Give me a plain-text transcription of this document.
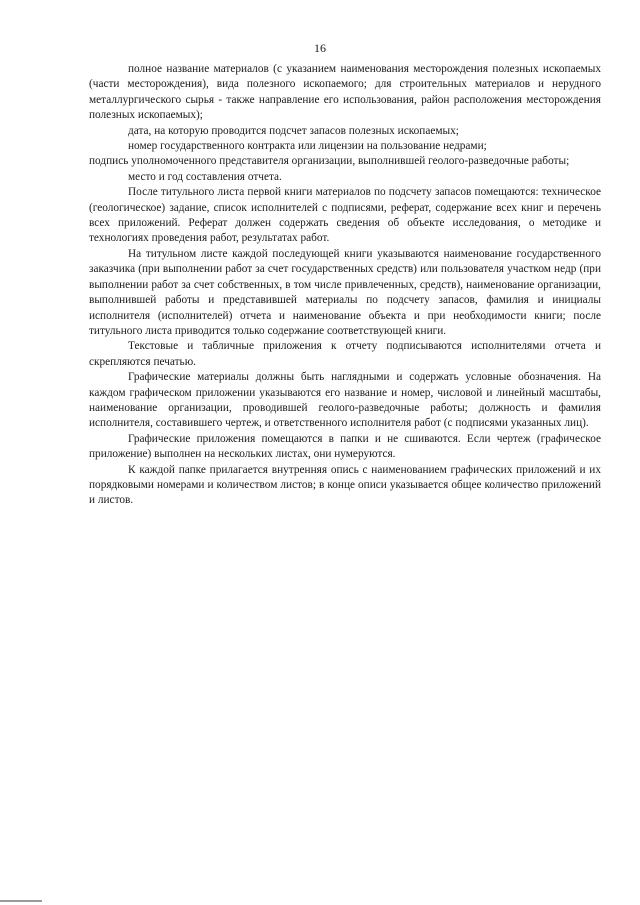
16

полное название материалов (с указанием наименования месторождения полезных ископаемых (части месторождения), вида полезного ископаемого; для строительных материалов и нерудного металлургического сырья - также направление его использования, район расположения месторождения полезных ископаемых);

дата, на которую проводится подсчет запасов полезных ископаемых;

номер государственного контракта или лицензии на пользование недрами;

подпись уполномоченного представителя организации, выполнившей геолого-разведочные работы;

место и год составления отчета.

После титульного листа первой книги материалов по подсчету запасов помещаются: техническое (геологическое) задание, список исполнителей с подписями, реферат, содержание всех книг и перечень всех приложений. Реферат должен содержать сведения об объекте исследования, о методике и технологиях проведения работ, результатах работ.

На титульном листе каждой последующей книги указываются наименование государственного заказчика (при выполнении работ за счет государственных средств) или пользователя участком недр (при выполнении работ за счет собственных, в том числе привлеченных, средств), наименование организации, выполнившей работы и представившей материалы по подсчету запасов, фамилия и инициалы исполнителя (исполнителей) отчета и наименование объекта и при необходимости книги; после титульного листа приводится только содержание соответствующей книги.

Текстовые и табличные приложения к отчету подписываются исполнителями отчета и скрепляются печатью.

Графические материалы должны быть наглядными и содержать условные обозначения. На каждом графическом приложении указываются его название и номер, числовой и линейный масштабы, наименование организации, проводившей геолого-разведочные работы; должность и фамилия исполнителя, составившего чертеж, и ответственного исполнителя работ (с подписями указанных лиц).

Графические приложения помещаются в папки и не сшиваются. Если чертеж (графическое приложение) выполнен на нескольких листах, они нумеруются.

К каждой папке прилагается внутренняя опись с наименованием графических приложений и их порядковыми номерами и количеством листов; в конце описи указывается общее количество приложений и листов.
